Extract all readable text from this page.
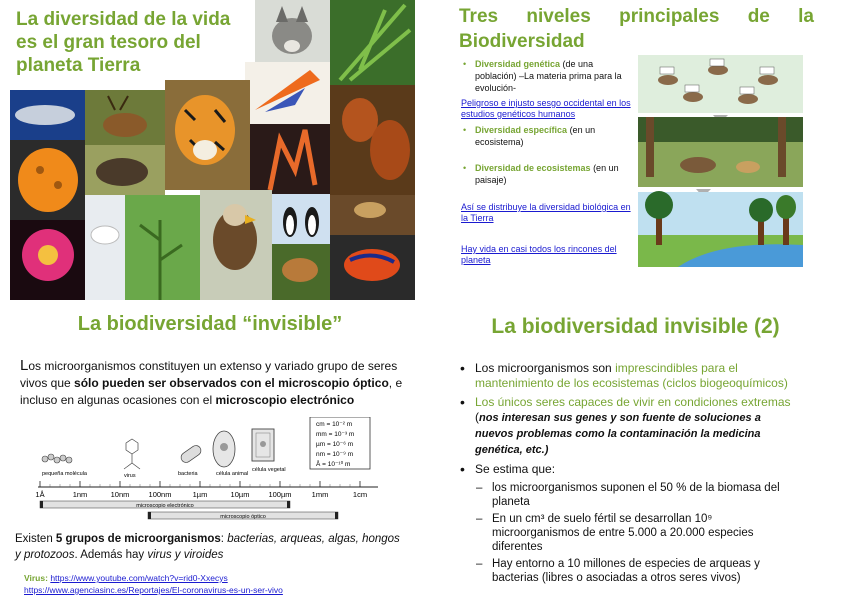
La diversidad de la vida es el gran tesoro del planeta Tierra
Tres niveles principales de la Biodiversidad
• Diversidad genética (de una población) –La materia prima para la evolución-
Peligroso e injusto sesgo occidental en los estudios genéticos humanos
• Diversidad específica (en un ecosistema)
• Diversidad de ecosistemas (en un paisaje)
Así se distribuye la diversidad biológica en la Tierra
Hay vida en casi todos los rincones del planeta
La biodiversidad “invisible”
Los microorganismos constituyen un extenso y variado grupo de seres vivos que sólo pueden ser observados con el microscopio óptico, e incluso en algunas ocasiones con el microscopio electrónico
cm = 10⁻² m
mm = 10⁻³ m
µm = 10⁻⁶ m
nm = 10⁻⁹ m
Å = 10⁻¹⁰ m
pequeña molécula	virus	bacteria	célula animal
célula vegetal
1Å	1nm	10nm	100nm	1µm	10µm	100µm	1mm	1cm
microscopio electrónico
microscopio óptico
Existen 5 grupos de microorganismos: bacterias, arqueas, algas, hongos y protozoos. Además hay virus y viroides
Virus: https://www.youtube.com/watch?v=rid0-Xxecys
https://www.agenciasinc.es/Reportajes/El-coronavirus-es-un-ser-vivo
La biodiversidad invisible (2)
• Los microorganismos son imprescindibles para el mantenimiento de los ecosistemas (ciclos biogeoquímicos)
• Los únicos seres capaces de vivir en condiciones extremas (nos interesan sus genes y son fuente de soluciones a nuevos problemas como la contaminación la medicina genética, etc.)
• Se estima que:
– los microorganismos suponen el 50 % de la biomasa del planeta
– En un cm³ de suelo fértil se desarrollan 10⁹ microorganismos de entre 5.000 a 20.000 especies diferentes
– Hay entorno a 10 millones de especies de arqueas y bacterias (libres o asociadas a otros seres vivos)
